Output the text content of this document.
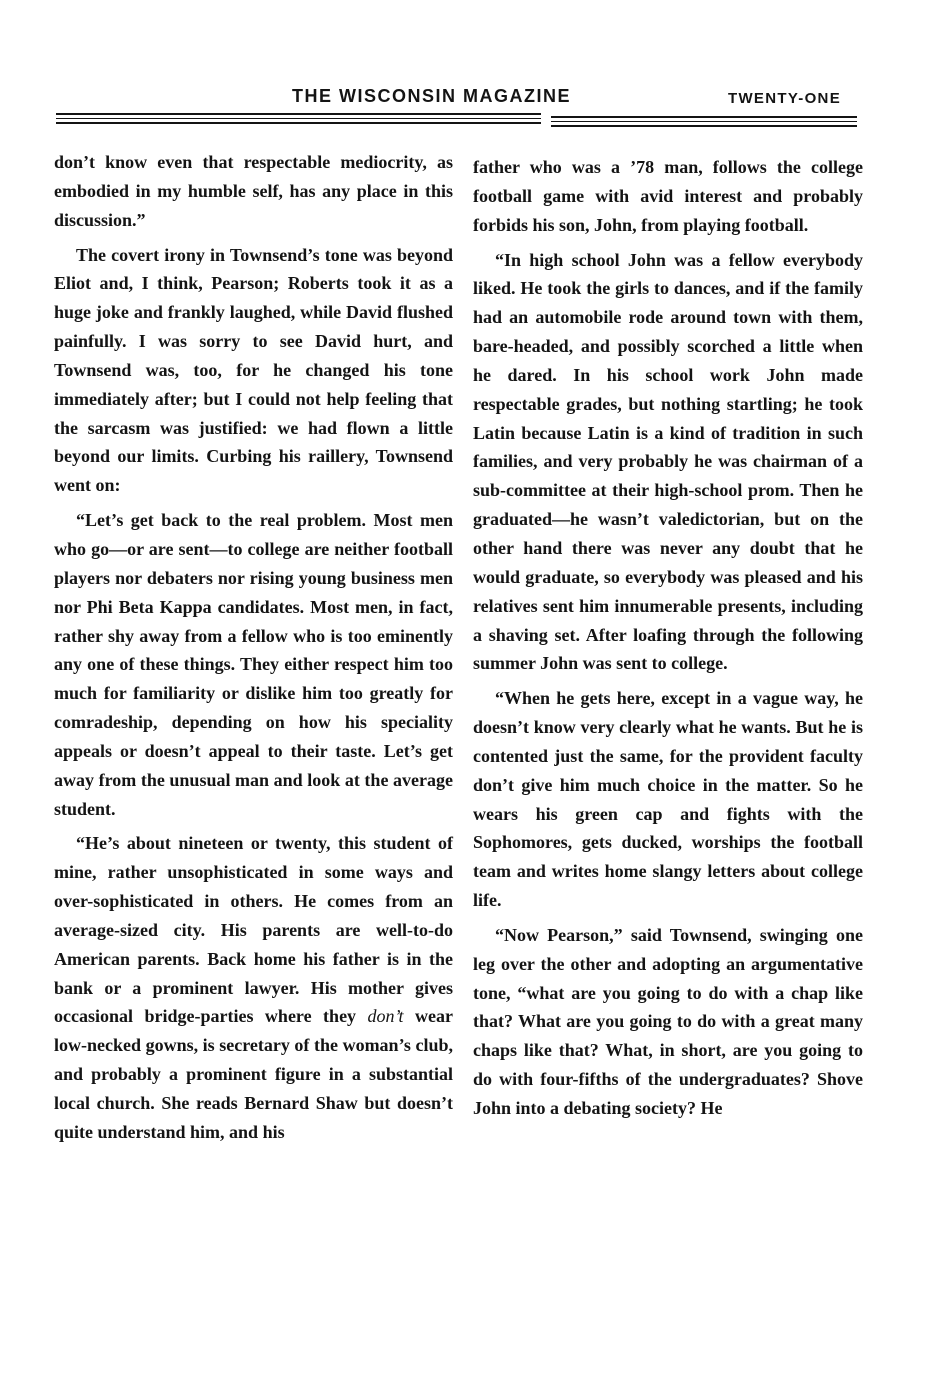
THE WISCONSIN MAGAZINE	TWENTY-ONE

don’t know even that respectable mediocrity, as embodied in my humble self, has any place in this discussion.”

The covert irony in Townsend’s tone was beyond Eliot and, I think, Pearson; Roberts took it as a huge joke and frankly laughed, while David flushed painfully. I was sorry to see David hurt, and Townsend was, too, for he changed his tone immediately after; but I could not help feeling that the sarcasm was justified: we had flown a little beyond our limits. Curbing his raillery, Townsend went on:

“Let’s get back to the real problem. Most men who go—or are sent—to college are neither football players nor debaters nor rising young business men nor Phi Beta Kappa candidates. Most men, in fact, rather shy away from a fellow who is too eminently any one of these things. They either respect him too much for familiarity or dislike him too greatly for comradeship, depending on how his speciality appeals or doesn’t appeal to their taste. Let’s get away from the unusual man and look at the average student.

“He’s about nineteen or twenty, this student of mine, rather unsophisticated in some ways and over-sophisticated in others. He comes from an average-sized city. His parents are well-to-do American parents. Back home his father is in the bank or a prominent lawyer. His mother gives occasional bridge-parties where they don’t wear low-necked gowns, is secretary of the woman’s club, and probably a prominent figure in a substantial local church. She reads Bernard Shaw but doesn’t quite understand him, and his

father who was a ’78 man, follows the college football game with avid interest and probably forbids his son, John, from playing football.

“In high school John was a fellow everybody liked. He took the girls to dances, and if the family had an automobile rode around town with them, bare-headed, and possibly scorched a little when he dared. In his school work John made respectable grades, but nothing startling; he took Latin because Latin is a kind of tradition in such families, and very probably he was chairman of a sub-committee at their high-school prom. Then he graduated—he wasn’t valedictorian, but on the other hand there was never any doubt that he would graduate, so everybody was pleased and his relatives sent him innumerable presents, including a shaving set. After loafing through the following summer John was sent to college.

“When he gets here, except in a vague way, he doesn’t know very clearly what he wants. But he is contented just the same, for the provident faculty don’t give him much choice in the matter. So he wears his green cap and fights with the Sophomores, gets ducked, worships the football team and writes home slangy letters about college life.

“Now Pearson,” said Townsend, swinging one leg over the other and adopting an argumentative tone, “what are you going to do with a chap like that? What are you going to do with a great many chaps like that? What, in short, are you going to do with four-fifths of the undergraduates? Shove John into a debating society? He
